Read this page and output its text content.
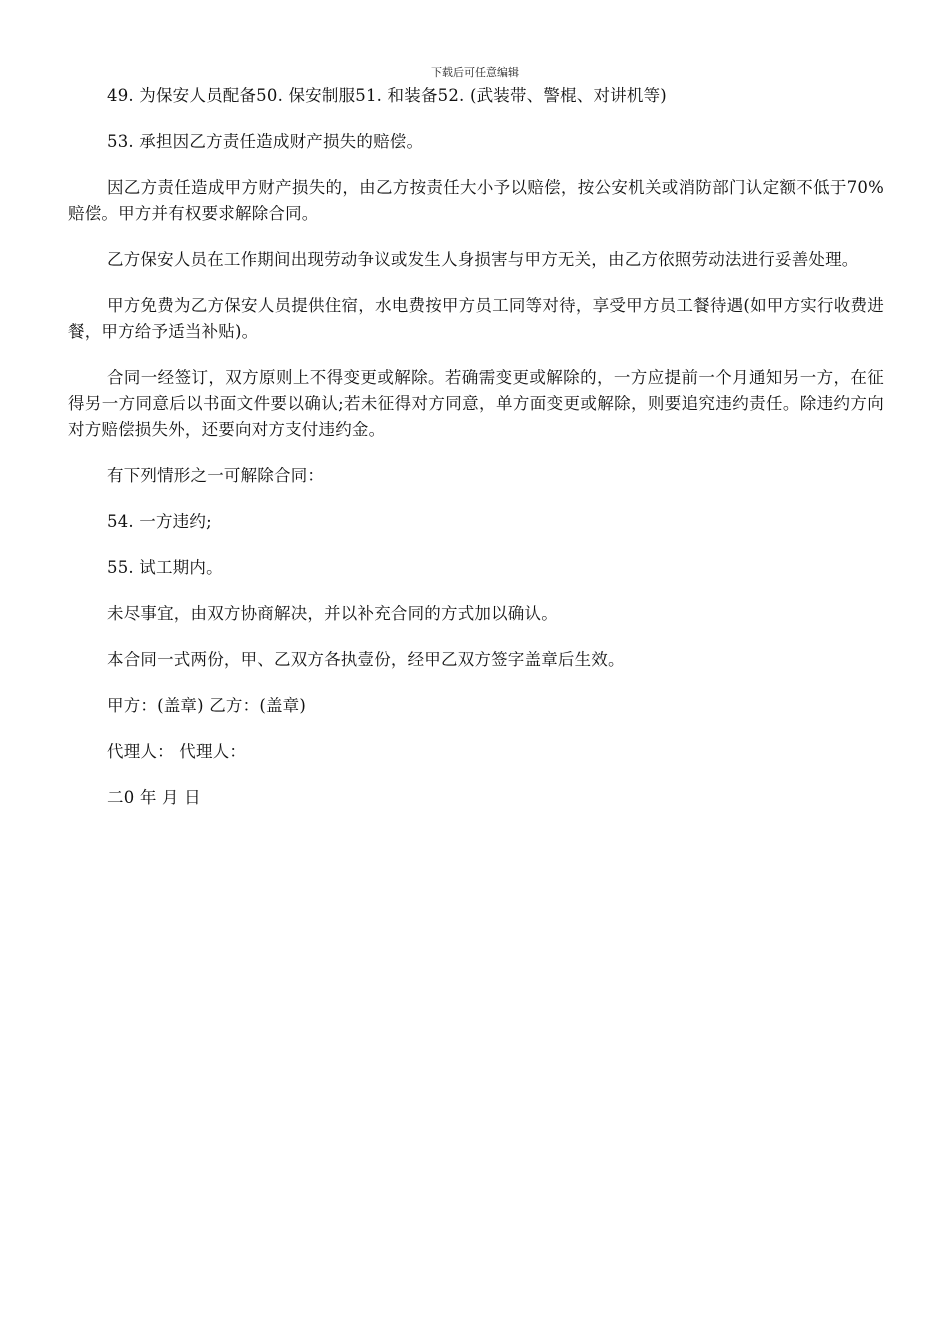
下载后可任意编辑

49. 为保安人员配备50. 保安制服51. 和装备52. (武装带、警棍、对讲机等)

53. 承担因乙方责任造成财产损失的赔偿。

因乙方责任造成甲方财产损失的，由乙方按责任大小予以赔偿，按公安机关或消防部门认定额不低于70%赔偿。甲方并有权要求解除合同。

乙方保安人员在工作期间出现劳动争议或发生人身损害与甲方无关，由乙方依照劳动法进行妥善处理。

甲方免费为乙方保安人员提供住宿，水电费按甲方员工同等对待，享受甲方员工餐待遇(如甲方实行收费进餐，甲方给予适当补贴)。

合同一经签订，双方原则上不得变更或解除。若确需变更或解除的，一方应提前一个月通知另一方，在征得另一方同意后以书面文件要以确认;若未征得对方同意，单方面变更或解除，则要追究违约责任。除违约方向对方赔偿损失外，还要向对方支付违约金。

有下列情形之一可解除合同：

54. 一方违约;

55. 试工期内。

未尽事宜，由双方协商解决，并以补充合同的方式加以确认。

本合同一式两份，甲、乙双方各执壹份，经甲乙双方签字盖章后生效。

甲方：(盖章) 乙方：(盖章)

代理人： 代理人：

二0 年 月 日
